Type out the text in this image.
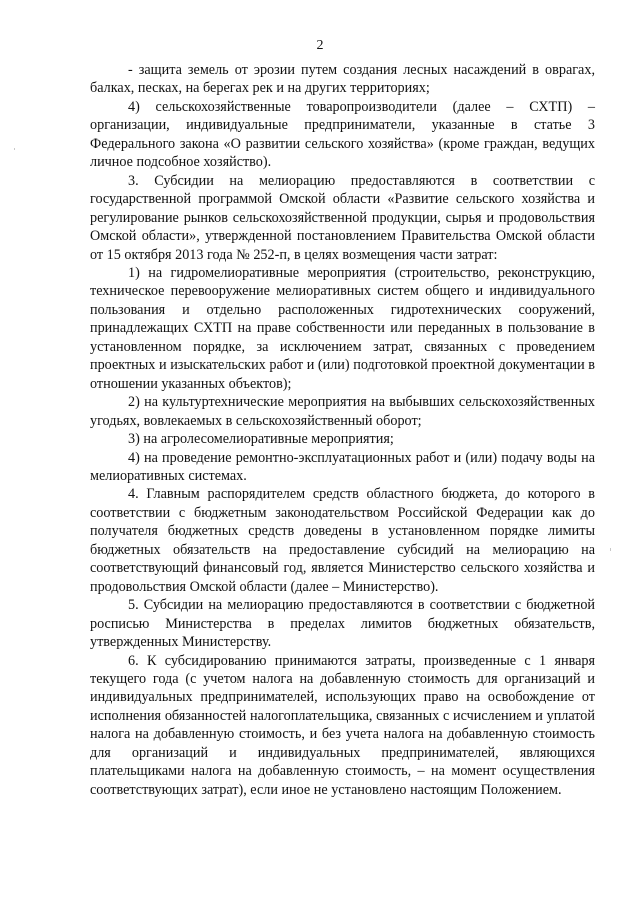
2

- защита земель от эрозии путем создания лесных насаждений в оврагах, балках, песках, на берегах рек и на других территориях;

4) сельскохозяйственные товаропроизводители (далее – СХТП) – организации, индивидуальные предприниматели, указанные в статье 3 Федерального закона «О развитии сельского хозяйства» (кроме граждан, ведущих личное подсобное хозяйство).

3. Субсидии на мелиорацию предоставляются в соответствии с государственной программой Омской области «Развитие сельского хозяйства и регулирование рынков сельскохозяйственной продукции, сырья и продовольствия Омской области», утвержденной постановлением Правительства Омской области от 15 октября 2013 года № 252-п, в целях возмещения части затрат:

1) на гидромелиоративные мероприятия (строительство, реконструкцию, техническое перевооружение мелиоративных систем общего и индивидуального пользования и отдельно расположенных гидротехнических сооружений, принадлежащих СХТП на праве собственности или переданных в пользование в установленном порядке, за исключением затрат, связанных с проведением проектных и изыскательских работ и (или) подготовкой проектной документации в отношении указанных объектов);

2) на культуртехнические мероприятия на выбывших сельскохозяйственных угодьях, вовлекаемых в сельскохозяйственный оборот;

3) на агролесомелиоративные мероприятия;

4) на проведение ремонтно-эксплуатационных работ и (или) подачу воды на мелиоративных системах.

4. Главным распорядителем средств областного бюджета, до которого в соответствии с бюджетным законодательством Российской Федерации как до получателя бюджетных средств доведены в установленном порядке лимиты бюджетных обязательств на предоставление субсидий на мелиорацию на соответствующий финансовый год, является Министерство сельского хозяйства и продовольствия Омской области (далее – Министерство).

5. Субсидии на мелиорацию предоставляются в соответствии с бюджетной росписью Министерства в пределах лимитов бюджетных обязательств, утвержденных Министерству.

6. К субсидированию принимаются затраты, произведенные с 1 января текущего года (с учетом налога на добавленную стоимость для организаций и индивидуальных предпринимателей, использующих право на освобождение от исполнения обязанностей налогоплательщика, связанных с исчислением и уплатой налога на добавленную стоимость, и без учета налога на добавленную стоимость для организаций и индивидуальных предпринимателей, являющихся плательщиками налога на добавленную стоимость, – на момент осуществления соответствующих затрат), если иное не установлено настоящим Положением.
